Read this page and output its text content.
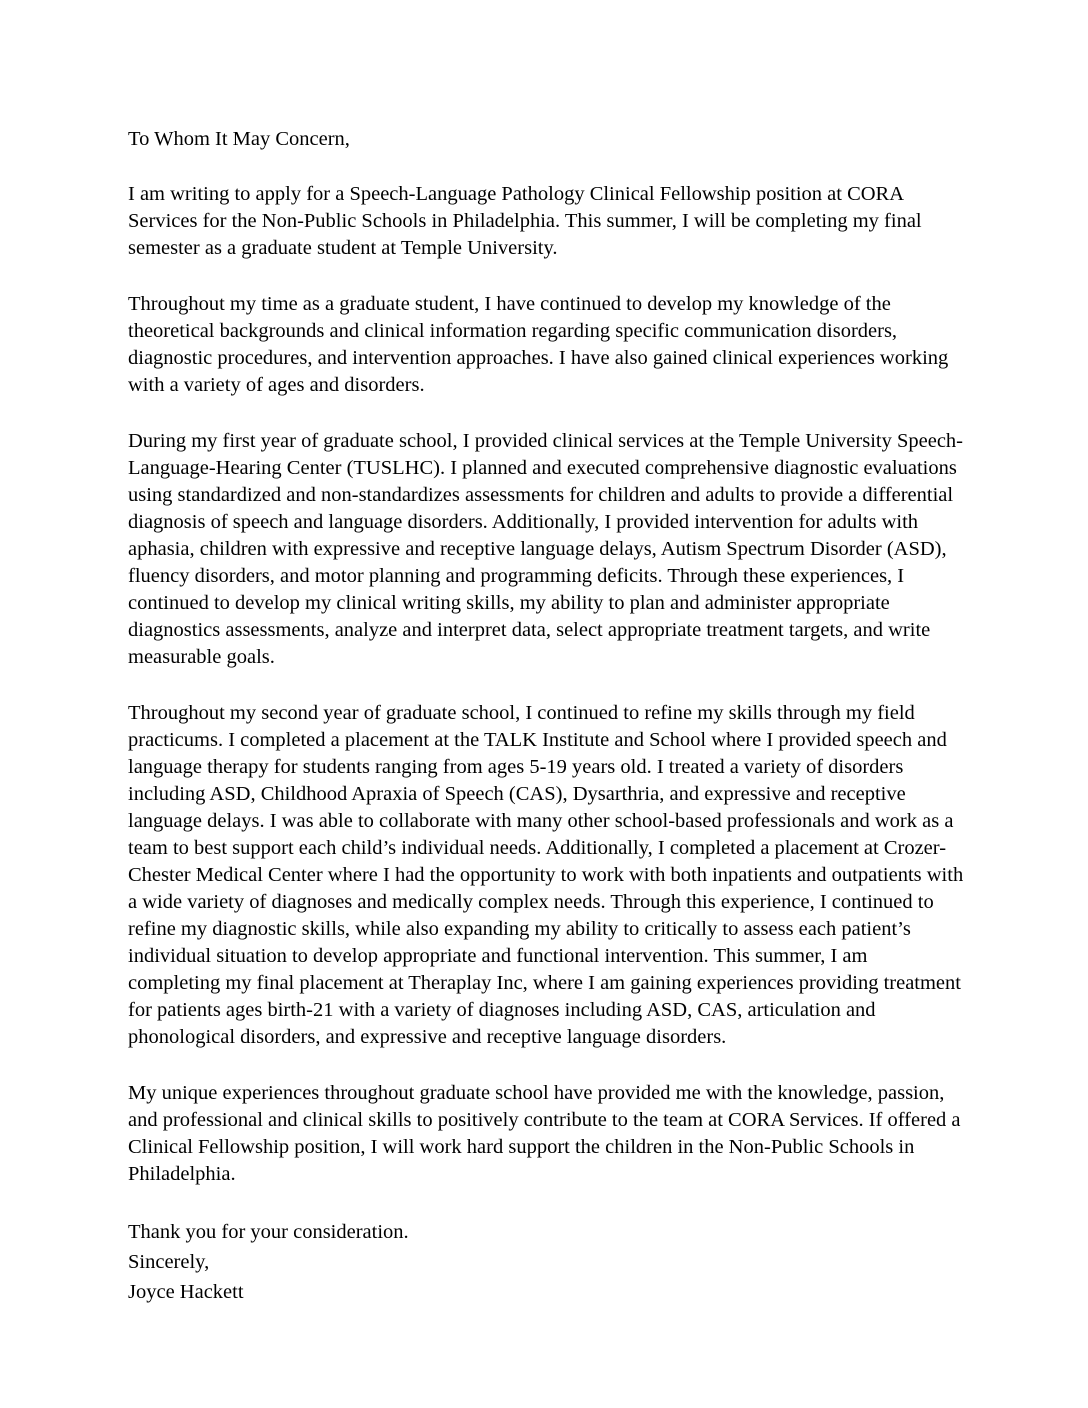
To Whom It May Concern,

I am writing to apply for a Speech-Language Pathology Clinical Fellowship position at CORA Services for the Non-Public Schools in Philadelphia. This summer, I will be completing my final semester as a graduate student at Temple University.

Throughout my time as a graduate student, I have continued to develop my knowledge of the theoretical backgrounds and clinical information regarding specific communication disorders, diagnostic procedures, and intervention approaches. I have also gained clinical experiences working with a variety of ages and disorders.

During my first year of graduate school, I provided clinical services at the Temple University Speech-Language-Hearing Center (TUSLHC). I planned and executed comprehensive diagnostic evaluations using standardized and non-standardizes assessments for children and adults to provide a differential diagnosis of speech and language disorders. Additionally, I provided intervention for adults with aphasia, children with expressive and receptive language delays, Autism Spectrum Disorder (ASD), fluency disorders, and motor planning and programming deficits. Through these experiences, I continued to develop my clinical writing skills, my ability to plan and administer appropriate diagnostics assessments, analyze and interpret data, select appropriate treatment targets, and write measurable goals.

Throughout my second year of graduate school, I continued to refine my skills through my field practicums. I completed a placement at the TALK Institute and School where I provided speech and language therapy for students ranging from ages 5-19 years old. I treated a variety of disorders including ASD, Childhood Apraxia of Speech (CAS), Dysarthria, and expressive and receptive language delays. I was able to collaborate with many other school-based professionals and work as a team to best support each child’s individual needs. Additionally, I completed a placement at Crozer-Chester Medical Center where I had the opportunity to work with both inpatients and outpatients with a wide variety of diagnoses and medically complex needs. Through this experience, I continued to refine my diagnostic skills, while also expanding my ability to critically to assess each patient’s individual situation to develop appropriate and functional intervention. This summer, I am completing my final placement at Theraplay Inc, where I am gaining experiences providing treatment for patients ages birth-21 with a variety of diagnoses including ASD, CAS, articulation and phonological disorders, and expressive and receptive language disorders.

My unique experiences throughout graduate school have provided me with the knowledge, passion, and professional and clinical skills to positively contribute to the team at CORA Services. If offered a Clinical Fellowship position, I will work hard support the children in the Non-Public Schools in Philadelphia.

Thank you for your consideration.
Sincerely,
Joyce Hackett
